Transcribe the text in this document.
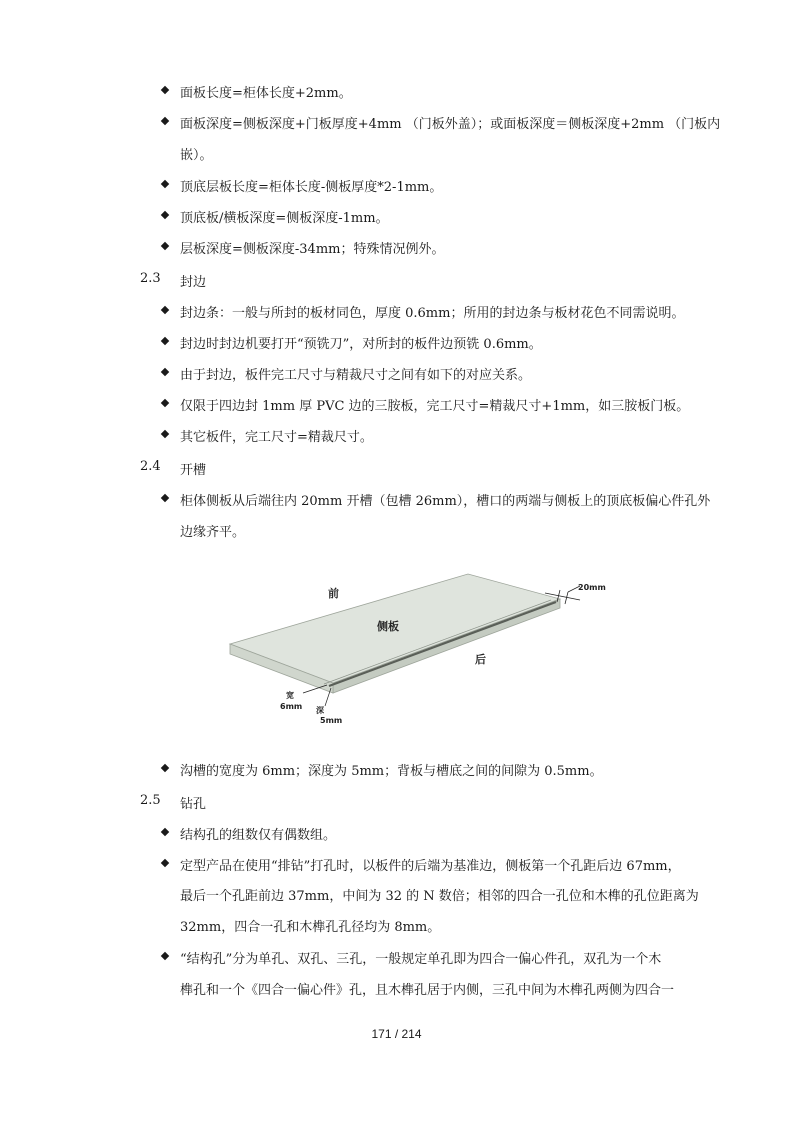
面板长度=柜体长度+2mm。
面板深度=侧板深度+门板厚度+4mm （门板外盖）；或面板深度＝侧板深度+2mm （门板内
嵌）。
顶底层板长度=柜体长度-侧板厚度*2-1mm。
顶底板/横板深度=侧板深度-1mm。
层板深度=侧板深度-34mm；特殊情况例外。
2.3 封边
封边条：一般与所封的板材同色，厚度 0.6mm；所用的封边条与板材花色不同需说明。
封边时封边机要打开“预铣刀”，对所封的板件边预铣 0.6mm。
由于封边，板件完工尺寸与精裁尺寸之间有如下的对应关系。
仅限于四边封 1mm 厚 PVC 边的三胺板，完工尺寸=精裁尺寸+1mm，如三胺板门板。
其它板件，完工尺寸=精裁尺寸。
2.4 开槽
柜体侧板从后端往内 20mm 开槽（包槽 26mm），槽口的两端与侧板上的顶底板偏心件孔外
边缘齐平。
前
侧板
后
20mm
宽
6mm 深
5mm
沟槽的宽度为 6mm；深度为 5mm；背板与槽底之间的间隙为 0.5mm。
2.5 钻孔
结构孔的组数仅有偶数组。
定型产品在使用“排钻”打孔时，以板件的后端为基准边，侧板第一个孔距后边 67mm，
最后一个孔距前边 37mm，中间为 32 的 N 数倍；相邻的四合一孔位和木榫的孔位距离为
32mm，四合一孔和木榫孔孔径均为 8mm。
“结构孔”分为单孔、双孔、三孔，一般规定单孔即为四合一偏心件孔，双孔为一个木
榫孔和一个《四合一偏心件》孔，且木榫孔居于内侧，三孔中间为木榫孔两侧为四合一
171 / 214
